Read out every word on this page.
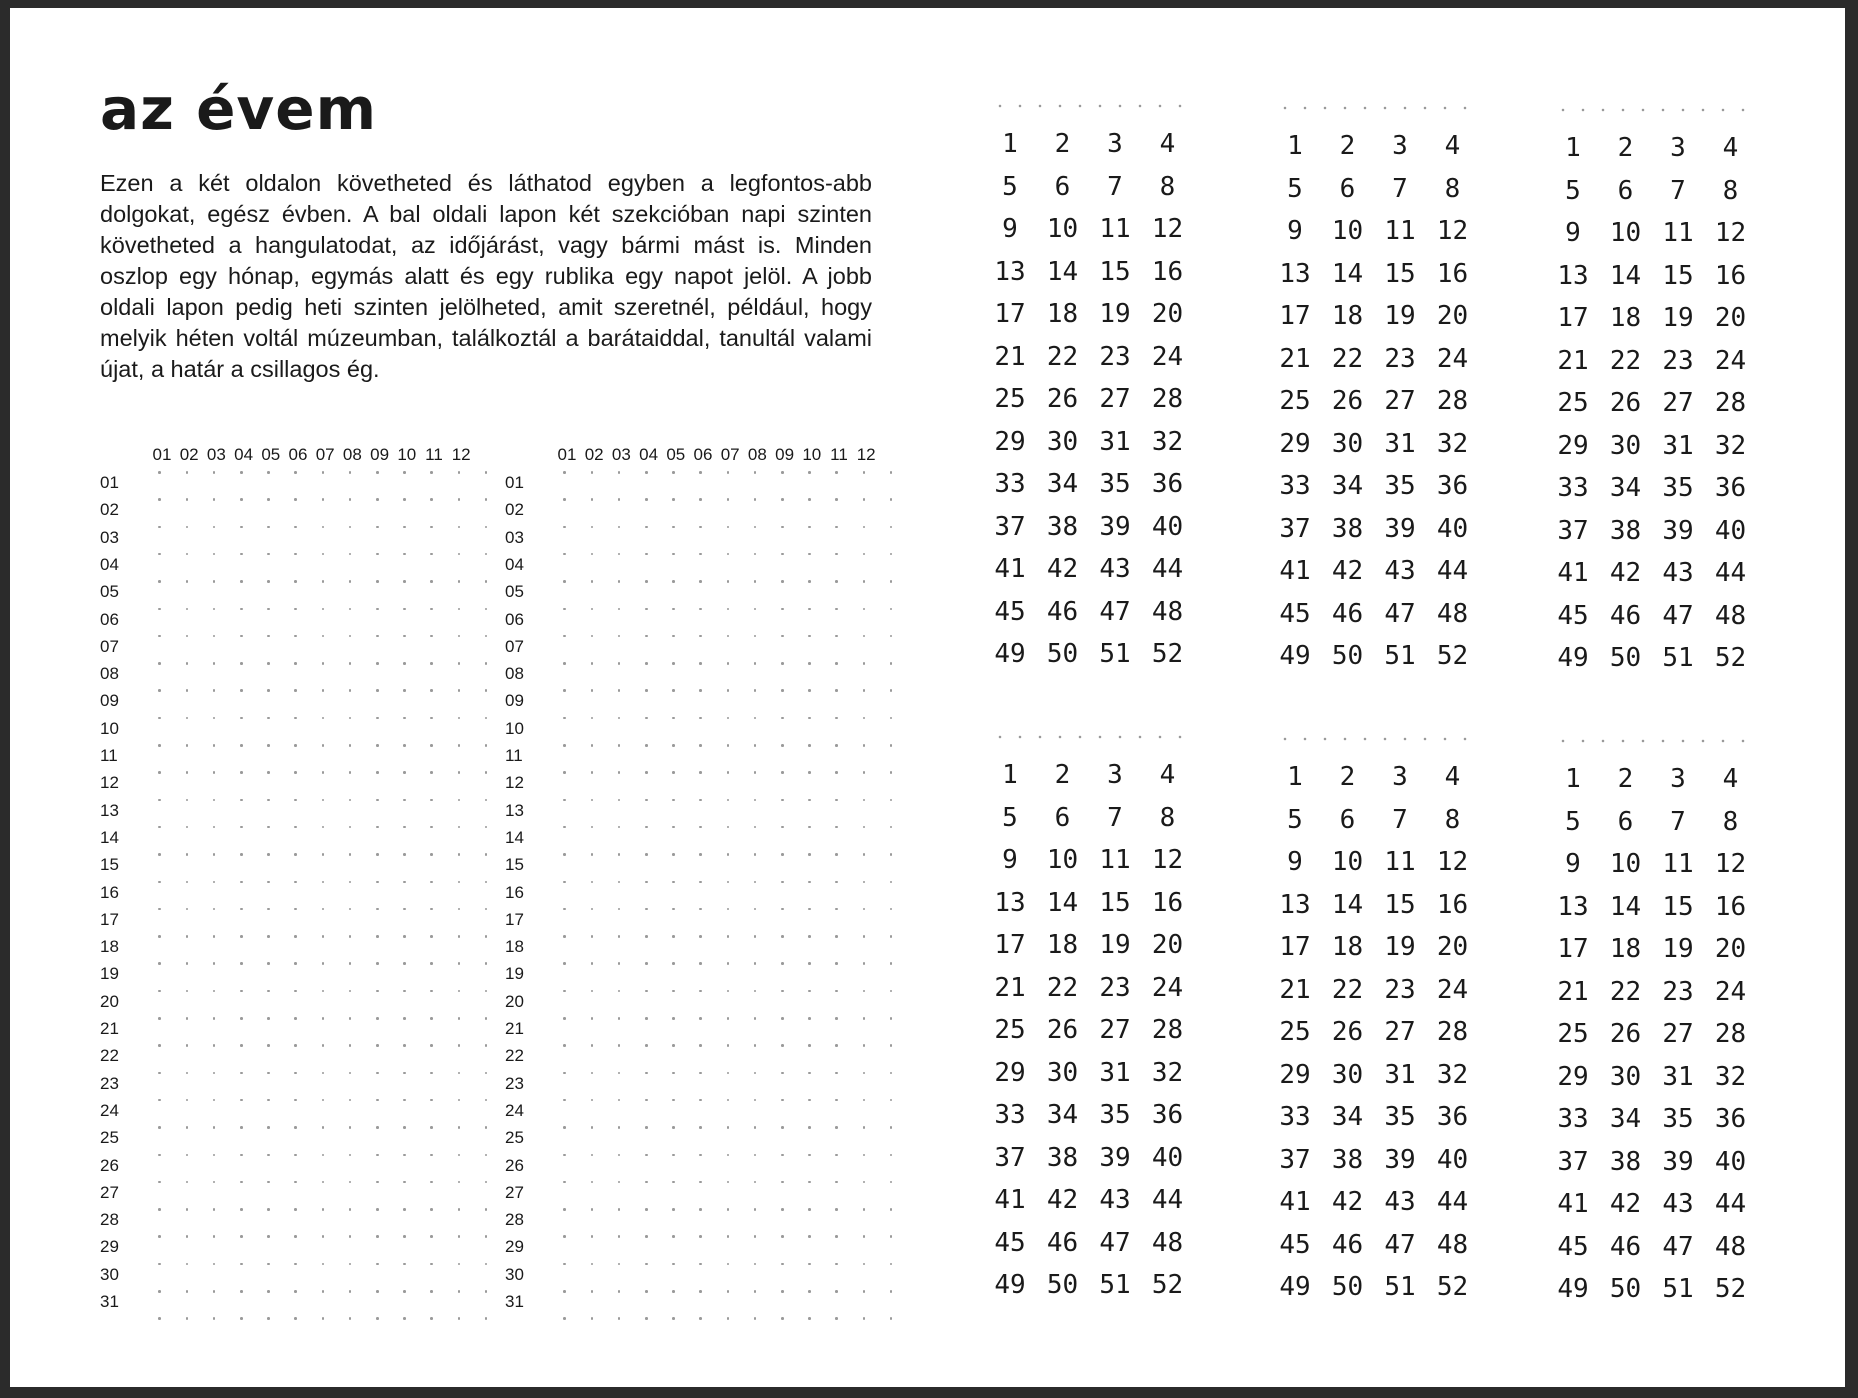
az évem

Ezen a két oldalon követheted és láthatod egyben a legfontos-abb dolgokat, egész évben. A bal oldali lapon két szekcióban napi szinten követheted a hangulatodat, az időjárást, vagy bármi mást is. Minden oszlop egy hónap, egymás alatt és egy rublika egy napot jelöl. A jobb oldali lapon pedig heti szinten jelölheted, amit szeretnél, például, hogy melyik héten voltál múzeumban, találkoztál a barátaiddal, tanultál valami újat, a határ a csillagos ég.

01 02 03 04 05 06 07 08 09 10 11 12
01
02
03
04
05
06
07
08
09
10
11
12
13
14
15
16
17
18
19
20
21
22
23
24
25
26
27
28
29
30
31
01 02 03 04 05 06 07 08 09 10 11 12
01
02
03
04
05
06
07
08
09
10
11
12
13
14
15
16
17
18
19
20
21
22
23
24
25
26
27
28
29
30
31
1	2	3	4
5	6	7	8
9	10 11 12
13 14 15 16
17 18 19 20
21 22 23 24
25 26 27 28
29 30 31 32
33 34 35 36
37 38 39 40
41 42 43 44
45 46 47 48
49 50 51 52
1	2	3	4
5	6	7	8
9	10 11 12
13 14 15 16
17 18 19 20
21 22 23 24
25 26 27 28
29 30 31 32
33 34 35 36
37 38 39 40
41 42 43 44
45 46 47 48
49 50 51 52
1	2	3	4
5	6	7	8
9	10 11 12
13 14 15 16
17 18 19 20
21 22 23 24
25 26 27 28
29 30 31 32
33 34 35 36
37 38 39 40
41 42 43 44
45 46 47 48
49 50 51 52
1	2	3	4
5	6	7	8
9	10 11 12
13 14 15 16
17 18 19 20
21 22 23 24
25 26 27 28
29 30 31 32
33 34 35 36
37 38 39 40
41 42 43 44
45 46 47 48
49 50 51 52
1	2	3	4
5	6	7	8
9	10 11 12
13 14 15 16
17 18 19 20
21 22 23 24
25 26 27 28
29 30 31 32
33 34 35 36
37 38 39 40
41 42 43 44
45 46 47 48
49 50 51 52
1	2	3	4
5	6	7	8
9	10 11 12
13 14 15 16
17 18 19 20
21 22 23 24
25 26 27 28
29 30 31 32
33 34 35 36
37 38 39 40
41 42 43 44
45 46 47 48
49 50 51 52
